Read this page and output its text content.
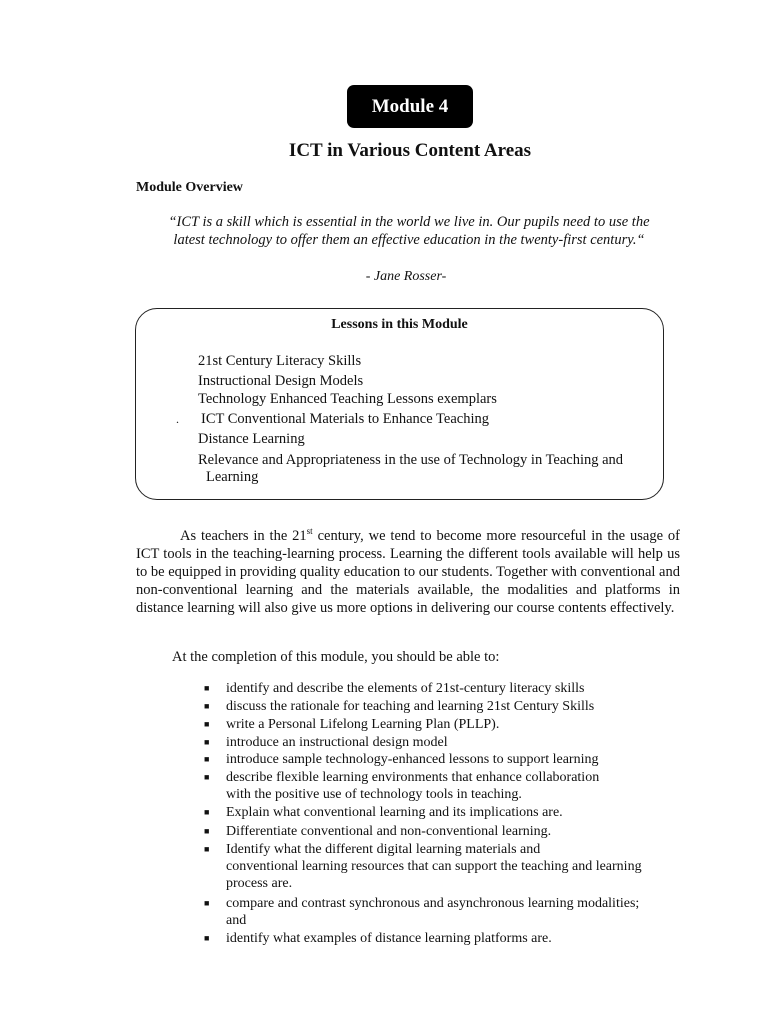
Module 4
ICT in Various Content Areas
Module Overview
“ICT is a skill which is essential in the world we live in. Our pupils need to use the
latest technology to offer them an effective education in the twenty-first century.“
- Jane Rosser-
Lessons in this Module
21st Century Literacy Skills
Instructional Design Models
Technology Enhanced Teaching Lessons exemplars
.	ICT Conventional Materials to Enhance Teaching
Distance Learning
Relevance and Appropriateness in the use of Technology in Teaching and
Learning
As teachers in the 21st century, we tend to become more resourceful in the usage of ICT tools in the teaching-learning process. Learning the different tools available will help us to be equipped in providing quality education to our students. Together with conventional and non-conventional learning and the materials available, the modalities and platforms in distance learning will also give us more options in delivering our course contents effectively.
At the completion of this module, you should be able to:
■	identify and describe the elements of 21st-century literacy skills
■	discuss the rationale for teaching and learning 21st Century Skills
■	write a Personal Lifelong Learning Plan (PLLP).
■	introduce an instructional design model
■	introduce sample technology-enhanced lessons to support learning
■	describe flexible learning environments that enhance collaboration
with the positive use of technology tools in teaching.
■	Explain what conventional learning and its implications are.
■	Differentiate conventional and non-conventional learning.
■	Identify what the different digital learning materials and
conventional learning resources that can support the teaching and learning
process are.
■	compare and contrast synchronous and asynchronous learning modalities;
and
■	identify what examples of distance learning platforms are.
